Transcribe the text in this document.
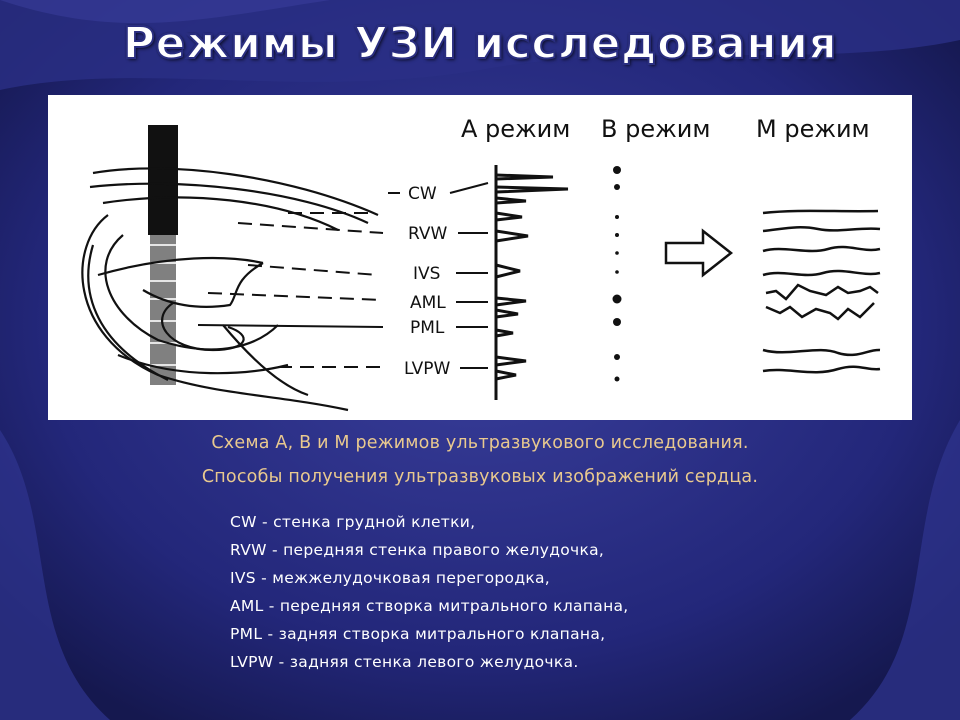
Режимы УЗИ исследования
CW
RVW
IVS
AML
PML
LVPW
А режим В режим М режим
Схема A, B и M режимов ультразвукового исследования.
Способы получения ультразвуковых изображений сердца.
CW - стенка грудной клетки,
RVW - передняя стенка правого желудочка,
IVS - межжелудочковая перегородка,
AML - передняя створка митрального клапана,
PML - задняя створка митрального клапана,
LVPW - задняя стенка левого желудочка.
